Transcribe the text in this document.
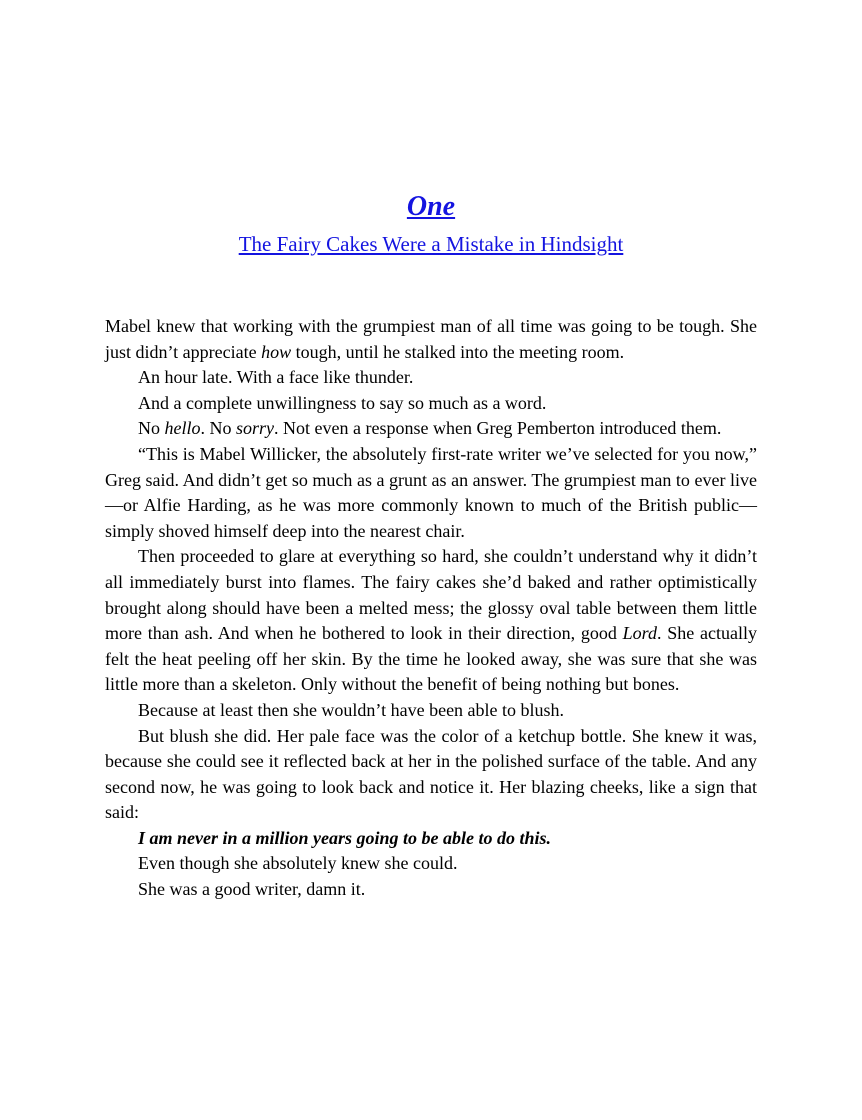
One
The Fairy Cakes Were a Mistake in Hindsight

Mabel knew that working with the grumpiest man of all time was going to be tough. She just didn’t appreciate how tough, until he stalked into the meeting room.

An hour late. With a face like thunder.

And a complete unwillingness to say so much as a word.

No hello. No sorry. Not even a response when Greg Pemberton introduced them.

“This is Mabel Willicker, the absolutely first-rate writer we’ve selected for you now,” Greg said. And didn’t get so much as a grunt as an answer. The grumpiest man to ever live—or Alfie Harding, as he was more commonly known to much of the British public—simply shoved himself deep into the nearest chair.

Then proceeded to glare at everything so hard, she couldn’t understand why it didn’t all immediately burst into flames. The fairy cakes she’d baked and rather optimistically brought along should have been a melted mess; the glossy oval table between them little more than ash. And when he bothered to look in their direction, good Lord. She actually felt the heat peeling off her skin. By the time he looked away, she was sure that she was little more than a skeleton. Only without the benefit of being nothing but bones.

Because at least then she wouldn’t have been able to blush.

But blush she did. Her pale face was the color of a ketchup bottle. She knew it was, because she could see it reflected back at her in the polished surface of the table. And any second now, he was going to look back and notice it. Her blazing cheeks, like a sign that said:

I am never in a million years going to be able to do this.

Even though she absolutely knew she could.

She was a good writer, damn it.
